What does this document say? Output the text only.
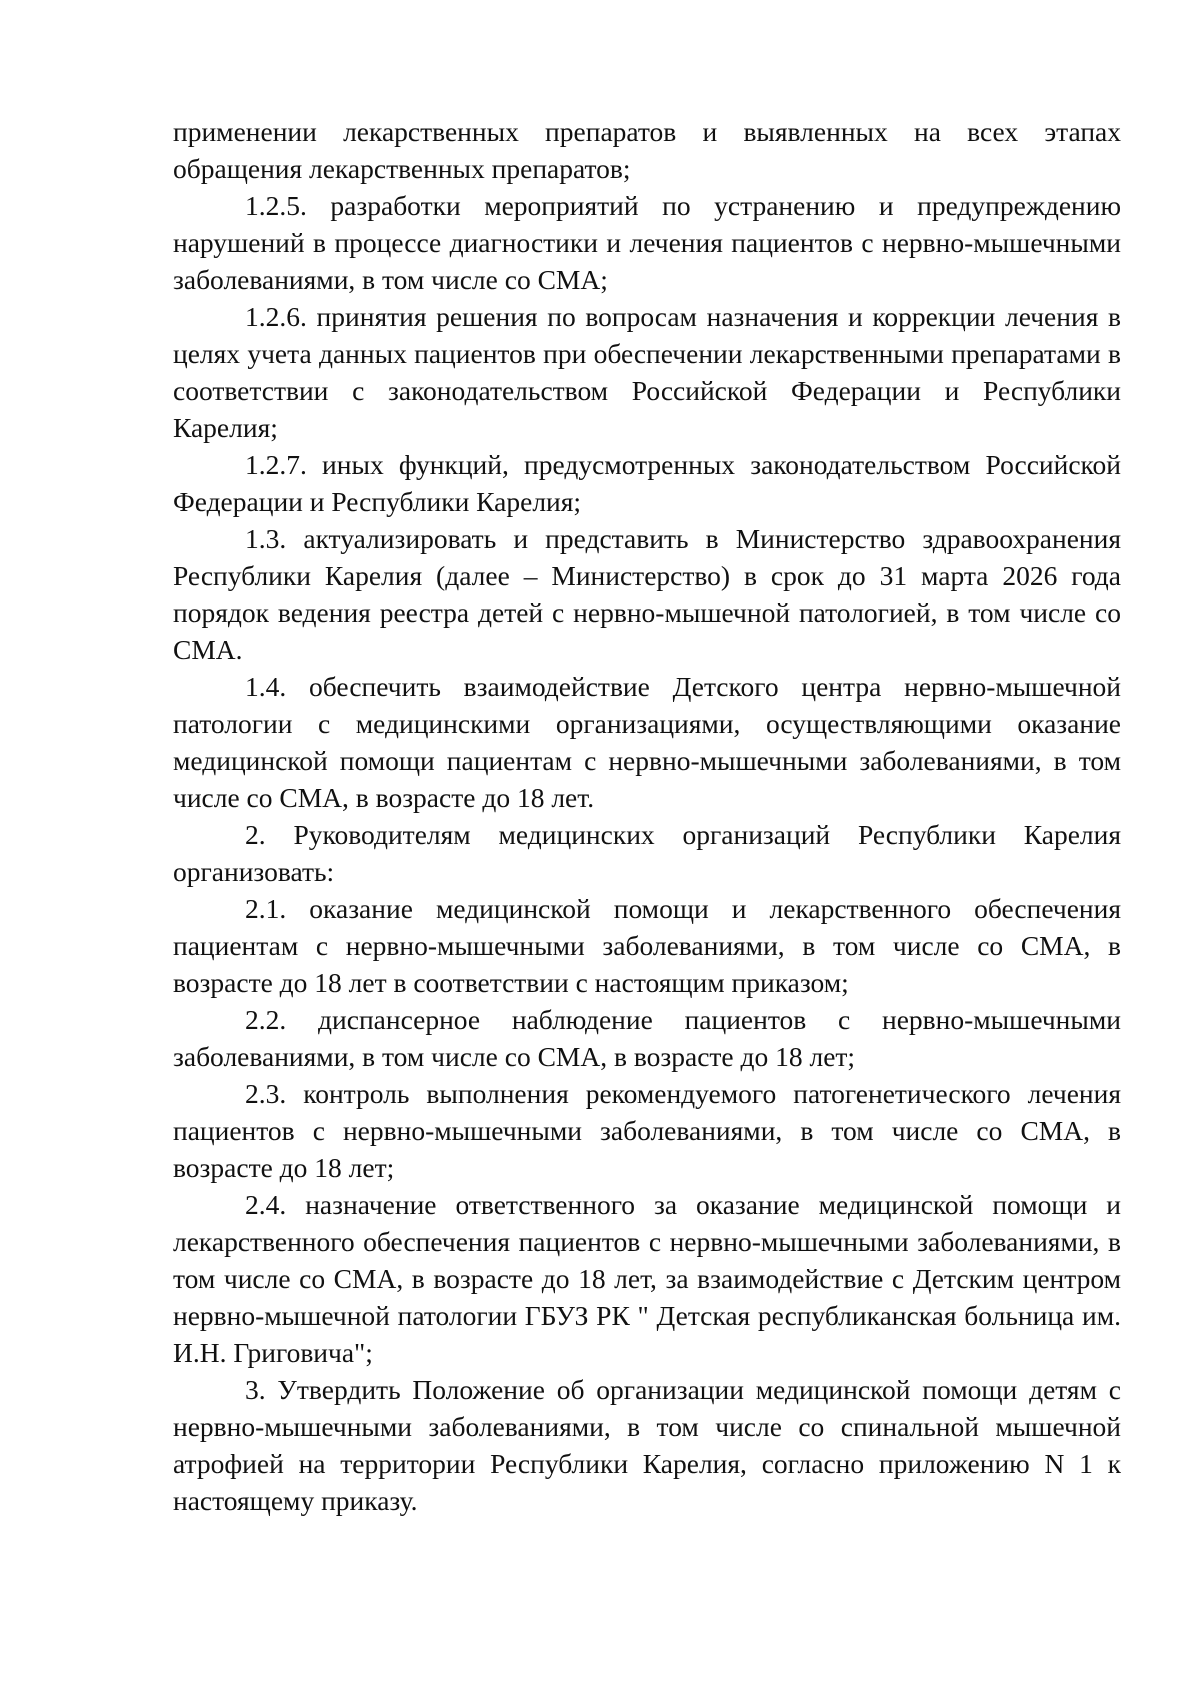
применении лекарственных препаратов и выявленных на всех этапах обращения лекарственных препаратов;

1.2.5. разработки мероприятий по устранению и предупреждению нарушений в процессе диагностики и лечения пациентов с нервно-мышечными заболеваниями, в том числе со СМА;

1.2.6. принятия решения по вопросам назначения и коррекции лечения в целях учета данных пациентов при обеспечении лекарственными препаратами в соответствии с законодательством Российской Федерации и Республики Карелия;

1.2.7. иных функций, предусмотренных законодательством Российской Федерации и Республики Карелия;

1.3. актуализировать и представить в Министерство здравоохранения Республики Карелия (далее – Министерство) в срок до 31 марта 2026 года порядок ведения реестра детей с нервно-мышечной патологией, в том числе со СМА.

1.4. обеспечить взаимодействие Детского центра нервно-мышечной патологии с медицинскими организациями, осуществляющими оказание медицинской помощи пациентам с нервно-мышечными заболеваниями, в том числе со СМА, в возрасте до 18 лет.

2. Руководителям медицинских организаций Республики Карелия организовать:

2.1. оказание медицинской помощи и лекарственного обеспечения пациентам с нервно-мышечными заболеваниями, в том числе со СМА, в возрасте до 18 лет в соответствии с настоящим приказом;

2.2. диспансерное наблюдение пациентов с нервно-мышечными заболеваниями, в том числе со СМА, в возрасте до 18 лет;

2.3. контроль выполнения рекомендуемого патогенетического лечения пациентов с нервно-мышечными заболеваниями, в том числе со СМА, в возрасте до 18 лет;

2.4. назначение ответственного за оказание медицинской помощи и лекарственного обеспечения пациентов с нервно-мышечными заболеваниями, в том числе со СМА, в возрасте до 18 лет, за взаимодействие с Детским центром нервно-мышечной патологии ГБУЗ РК " Детская республиканская больница им. И.Н. Григовича";

3. Утвердить Положение об организации медицинской помощи детям с нервно-мышечными заболеваниями, в том числе со спинальной мышечной атрофией на территории Республики Карелия, согласно приложению N 1 к настоящему приказу.
